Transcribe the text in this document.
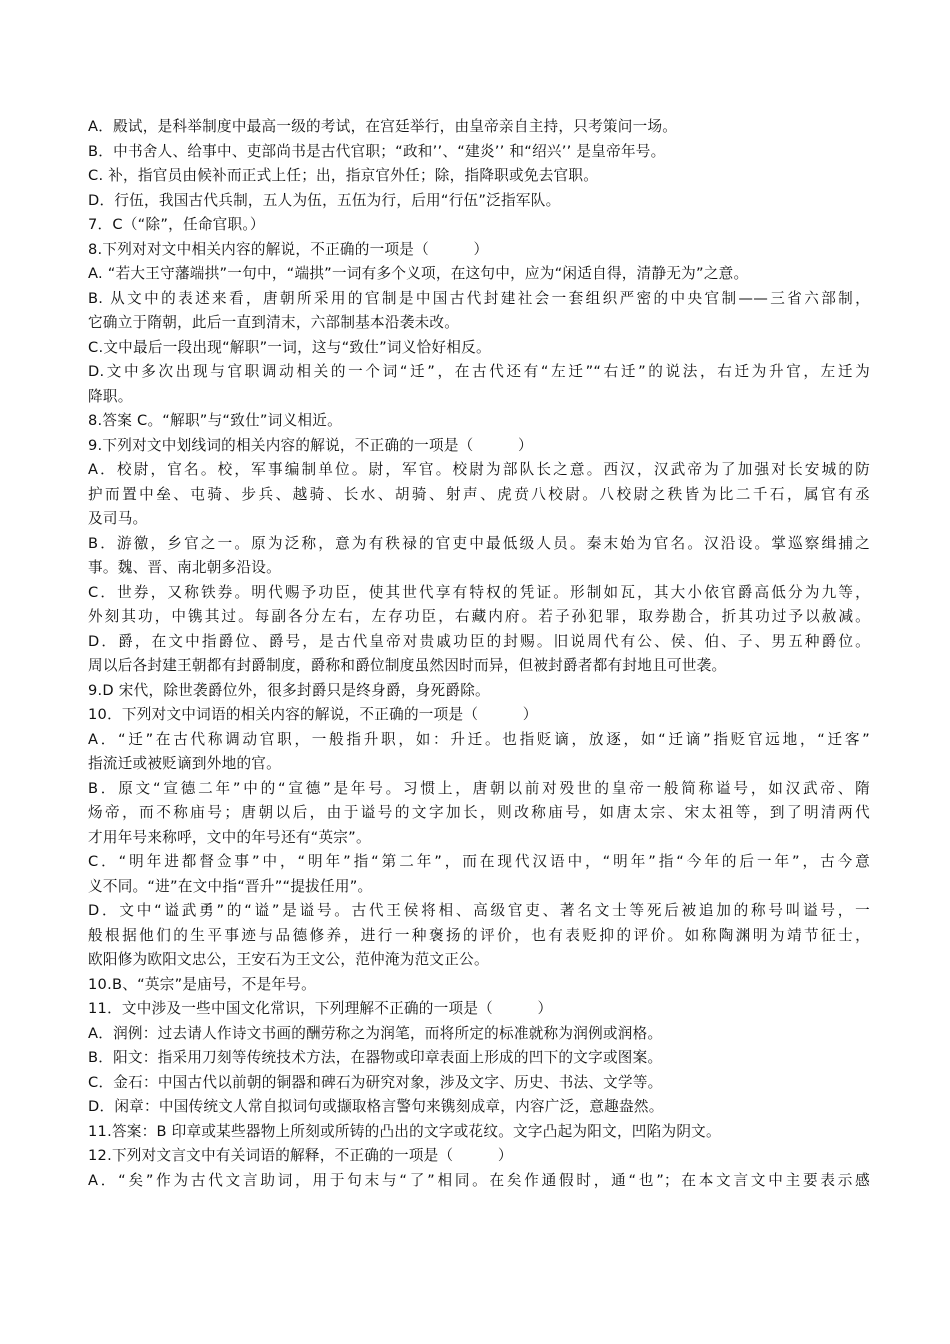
A．殿试，是科举制度中最高一级的考试，在宫廷举行，由皇帝亲自主持，只考策问一场。

B．中书舍人、给事中、吏部尚书是古代官职；“政和’’、“建炎’’ 和“绍兴’’ 是皇帝年号。

C. 补，指官员由候补而正式上任；出，指京官外任；除，指降职或免去官职。

D．行伍，我国古代兵制，五人为伍，五伍为行，后用“行伍”泛指军队。

7．C（“除”，任命官职。）

8.下列对对文中相关内容的解说，不正确的一项是（　　　）

A. “若大王守藩端拱”一句中，“端拱”一词有多个义项，在这句中，应为“闲适自得，清静无为”之意。

B. 从文中的表述来看，唐朝所采用的官制是中国古代封建社会一套组织严密的中央官制——三省六部制，

它确立于隋朝，此后一直到清末，六部制基本沿袭未改。

C.文中最后一段出现“解职”一词，这与“致仕”词义恰好相反。

D.文中多次出现与官职调动相关的一个词“迁”，在古代还有“左迁”“右迁”的说法，右迁为升官，左迁为

降职。

8.答案 C。“解职”与“致仕”词义相近。

9.下列对文中划线词的相关内容的解说，不正确的一项是（　　　）

A．校尉，官名。校，军事编制单位。尉，军官。校尉为部队长之意。西汉，汉武帝为了加强对长安城的防

护而置中垒、屯骑、步兵、越骑、长水、胡骑、射声、虎贲八校尉。八校尉之秩皆为比二千石，属官有丞

及司马。

B．游徼，乡官之一。原为泛称，意为有秩禄的官吏中最低级人员。秦末始为官名。汉沿设。掌巡察缉捕之

事。魏、晋、南北朝多沿设。

C．世券，又称铁券。明代赐予功臣，使其世代享有特权的凭证。形制如瓦，其大小依官爵高低分为九等，

外刻其功，中镌其过。每副各分左右，左存功臣，右藏内府。若子孙犯罪，取券勘合，折其功过予以赦减。

D．爵，在文中指爵位、爵号，是古代皇帝对贵戚功臣的封赐。旧说周代有公、侯、伯、子、男五种爵位。

周以后各封建王朝都有封爵制度，爵称和爵位制度虽然因时而异，但被封爵者都有封地且可世袭。

9.D 宋代，除世袭爵位外，很多封爵只是终身爵，身死爵除。

10．下列对文中词语的相关内容的解说，不正确的一项是（　　　）

A．“迁”在古代称调动官职，一般指升职，如：升迁。也指贬谪，放逐，如“迁谪”指贬官远地，“迁客”

指流迁或被贬谪到外地的官。

B．原文“宣德二年”中的“宣德”是年号。习惯上，唐朝以前对殁世的皇帝一般简称谥号，如汉武帝、隋

炀帝，而不称庙号；唐朝以后，由于谥号的文字加长，则改称庙号，如唐太宗、宋太祖等，到了明清两代

才用年号来称呼，文中的年号还有“英宗”。

C．“明年进都督佥事”中，“明年”指“第二年”，而在现代汉语中，“明年”指“今年的后一年”，古今意

义不同。“进”在文中指“晋升”“提拔任用”。

D．文中“谥武勇”的“谥”是谥号。古代王侯将相、高级官吏、著名文士等死后被追加的称号叫谥号，一

般根据他们的生平事迹与品德修养，进行一种褒扬的评价，也有表贬抑的评价。如称陶渊明为靖节征士，

欧阳修为欧阳文忠公，王安石为王文公，范仲淹为范文正公。

10.B、“英宗”是庙号，不是年号。

11．文中涉及一些中国文化常识，下列理解不正确的一项是（　　　）

A．润例：过去请人作诗文书画的酬劳称之为润笔，而将所定的标准就称为润例或润格。

B．阳文：指采用刀刻等传统技术方法，在器物或印章表面上形成的凹下的文字或图案。

C．金石：中国古代以前朝的铜器和碑石为研究对象，涉及文字、历史、书法、文学等。

D．闲章：中国传统文人常自拟词句或撷取格言警句来镌刻成章，内容广泛，意趣盎然。

11.答案：B 印章或某些器物上所刻或所铸的凸出的文字或花纹。文字凸起为阳文，凹陷为阴文。

12.下列对文言文中有关词语的解释，不正确的一项是（　　　）

A．“矣”作为古代文言助词，用于句末与“了”相同。在矣作通假时，通“也”；在本文言文中主要表示感
